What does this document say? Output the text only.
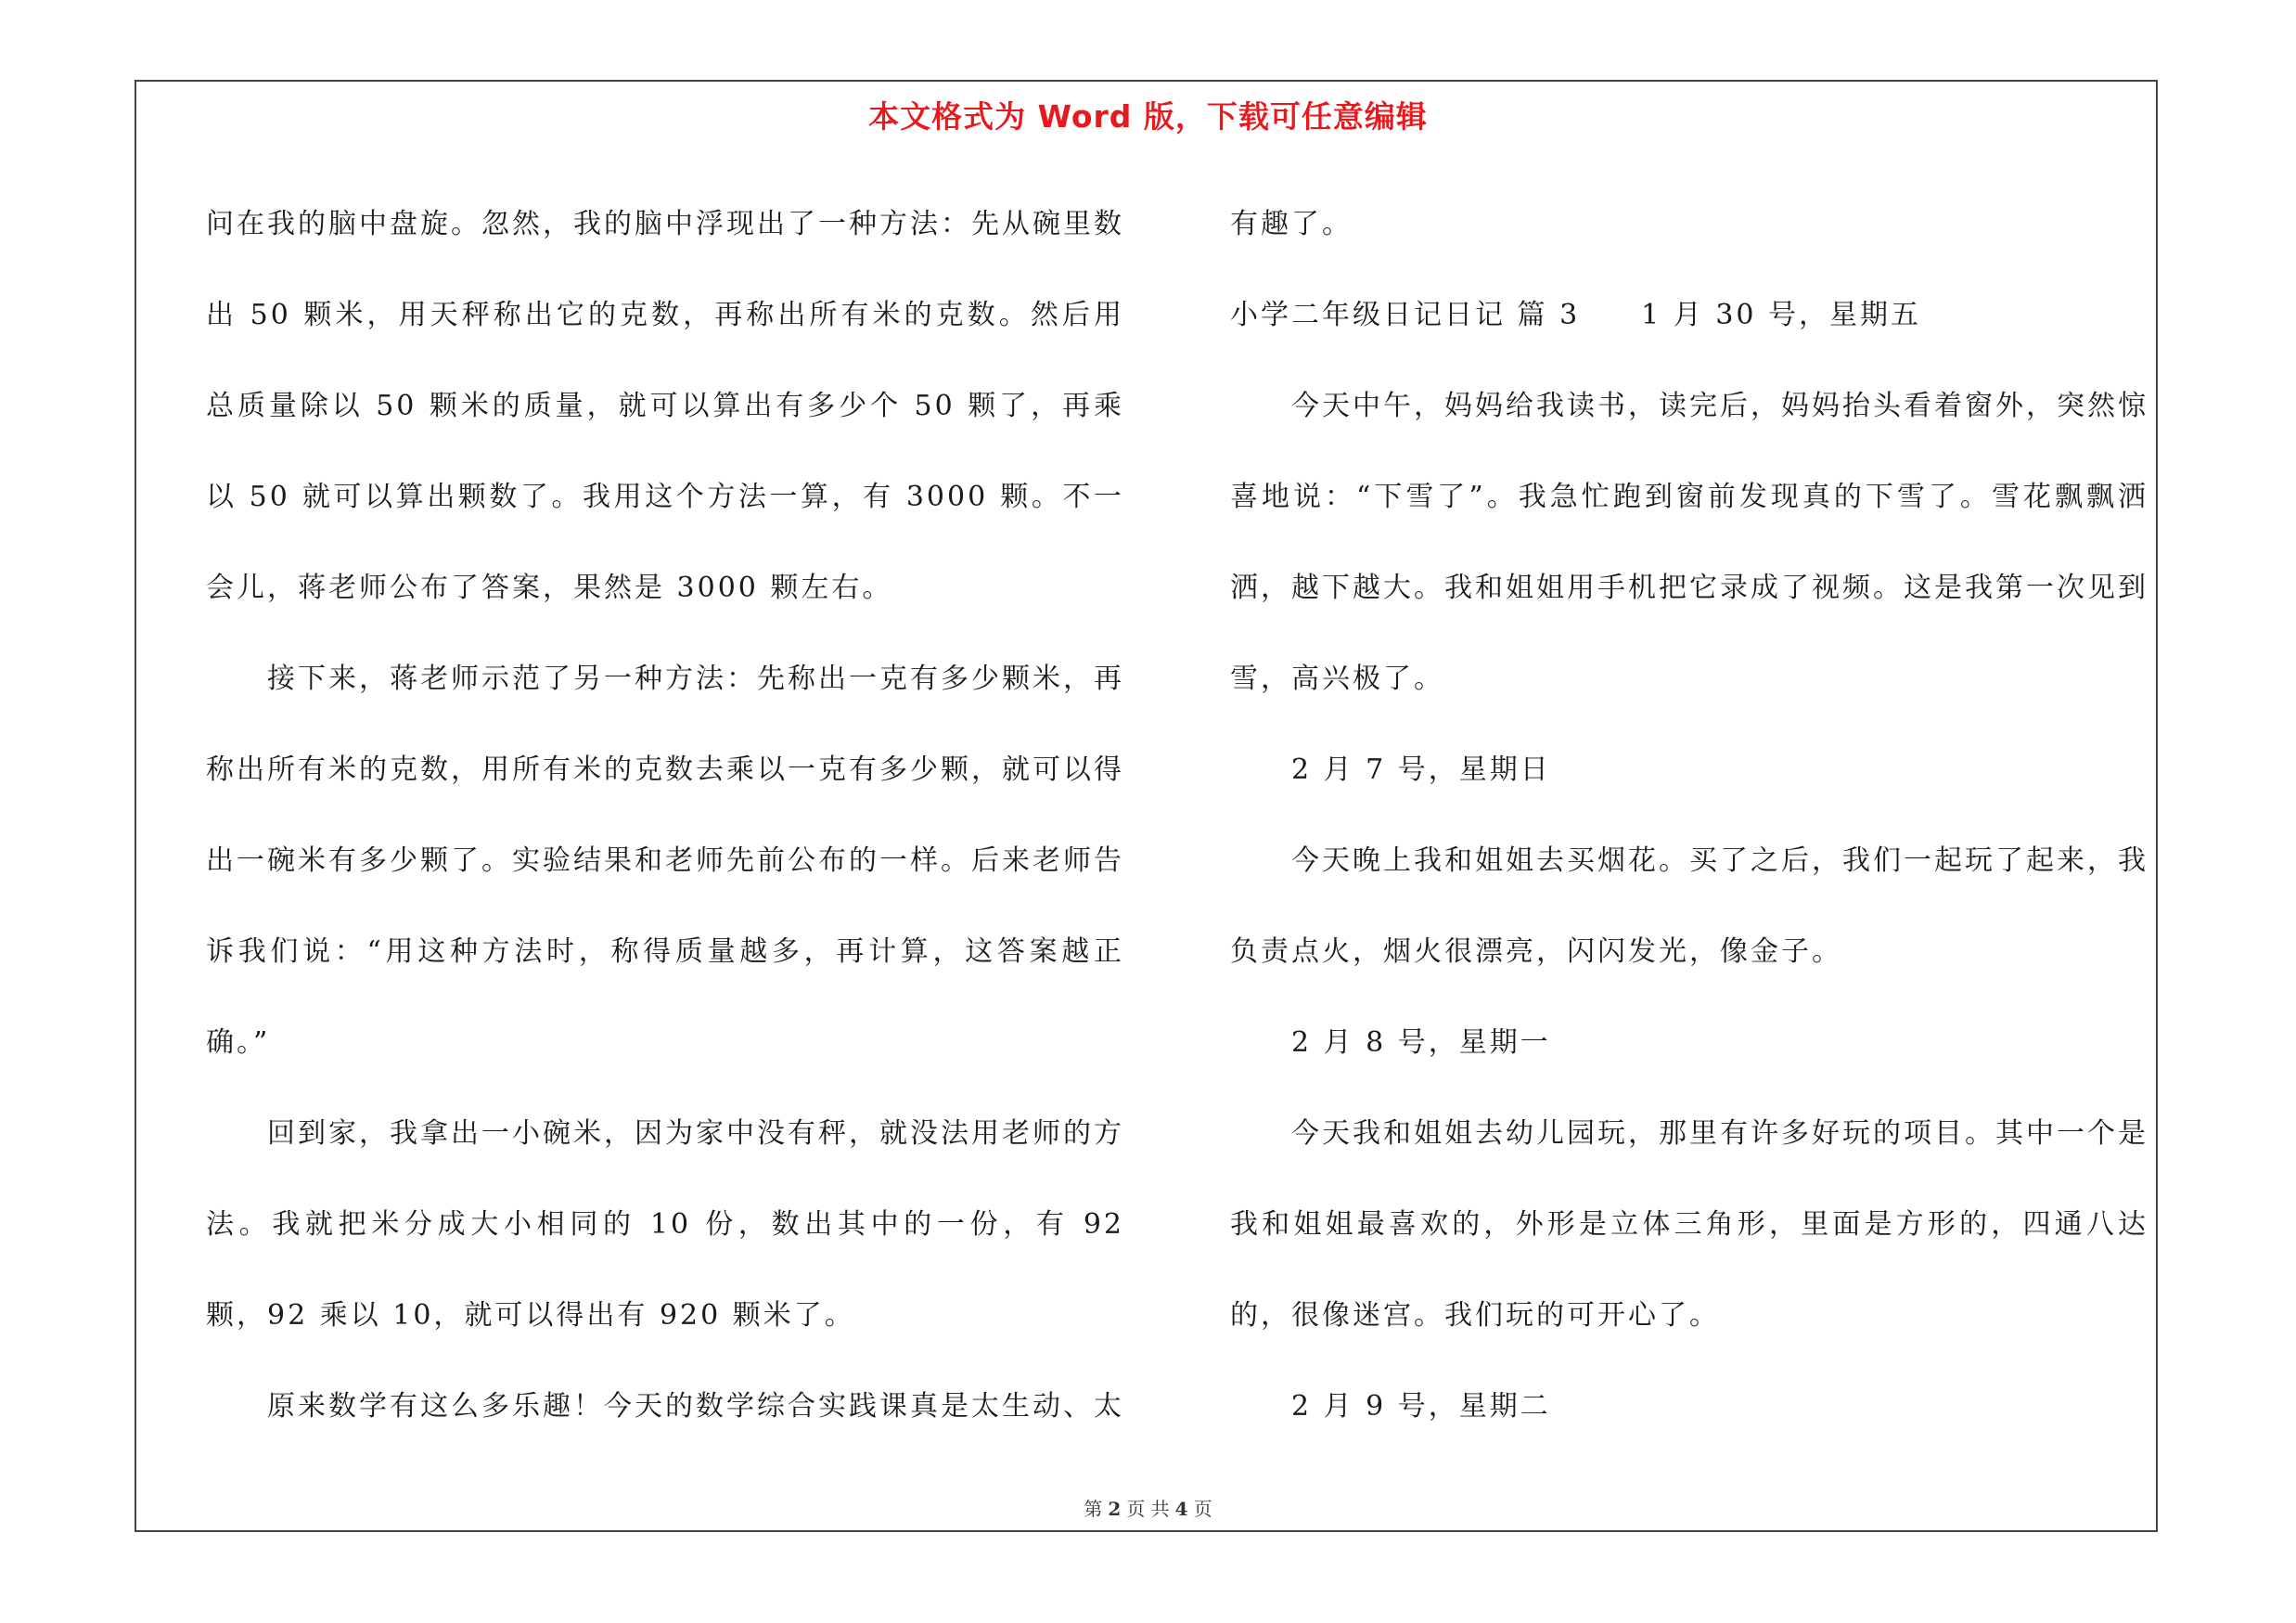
本文格式为 Word 版，下载可任意编辑

问在我的脑中盘旋。忽然，我的脑中浮现出了一种方法：先从碗里数出 50 颗米，用天秤称出它的克数，再称出所有米的克数。然后用总质量除以 50 颗米的质量，就可以算出有多少个 50 颗了，再乘以 50 就可以算出颗数了。我用这个方法一算，有 3000 颗。不一会儿，蒋老师公布了答案，果然是 3000 颗左右。

接下来，蒋老师示范了另一种方法：先称出一克有多少颗米，再称出所有米的克数，用所有米的克数去乘以一克有多少颗，就可以得出一碗米有多少颗了。实验结果和老师先前公布的一样。后来老师告诉我们说：“用这种方法时，称得质量越多，再计算，这答案越正确。”

回到家，我拿出一小碗米，因为家中没有秤，就没法用老师的方法。我就把米分成大小相同的 10 份，数出其中的一份，有 92 颗，92 乘以 10，就可以得出有 920 颗米了。

原来数学有这么多乐趣！今天的数学综合实践课真是太生动、太

有趣了。

小学二年级日记日记 篇 3　　1 月 30 号，星期五

今天中午，妈妈给我读书，读完后，妈妈抬头看着窗外，突然惊喜地说：“下雪了”。我急忙跑到窗前发现真的下雪了。雪花飘飘洒洒，越下越大。我和姐姐用手机把它录成了视频。这是我第一次见到雪，高兴极了。

2 月 7 号，星期日

今天晚上我和姐姐去买烟花。买了之后，我们一起玩了起来，我负责点火，烟火很漂亮，闪闪发光，像金子。

2 月 8 号，星期一

今天我和姐姐去幼儿园玩，那里有许多好玩的项目。其中一个是我和姐姐最喜欢的，外形是立体三角形，里面是方形的，四通八达的，很像迷宫。我们玩的可开心了。

2 月 9 号，星期二

第 2 页 共 4 页
